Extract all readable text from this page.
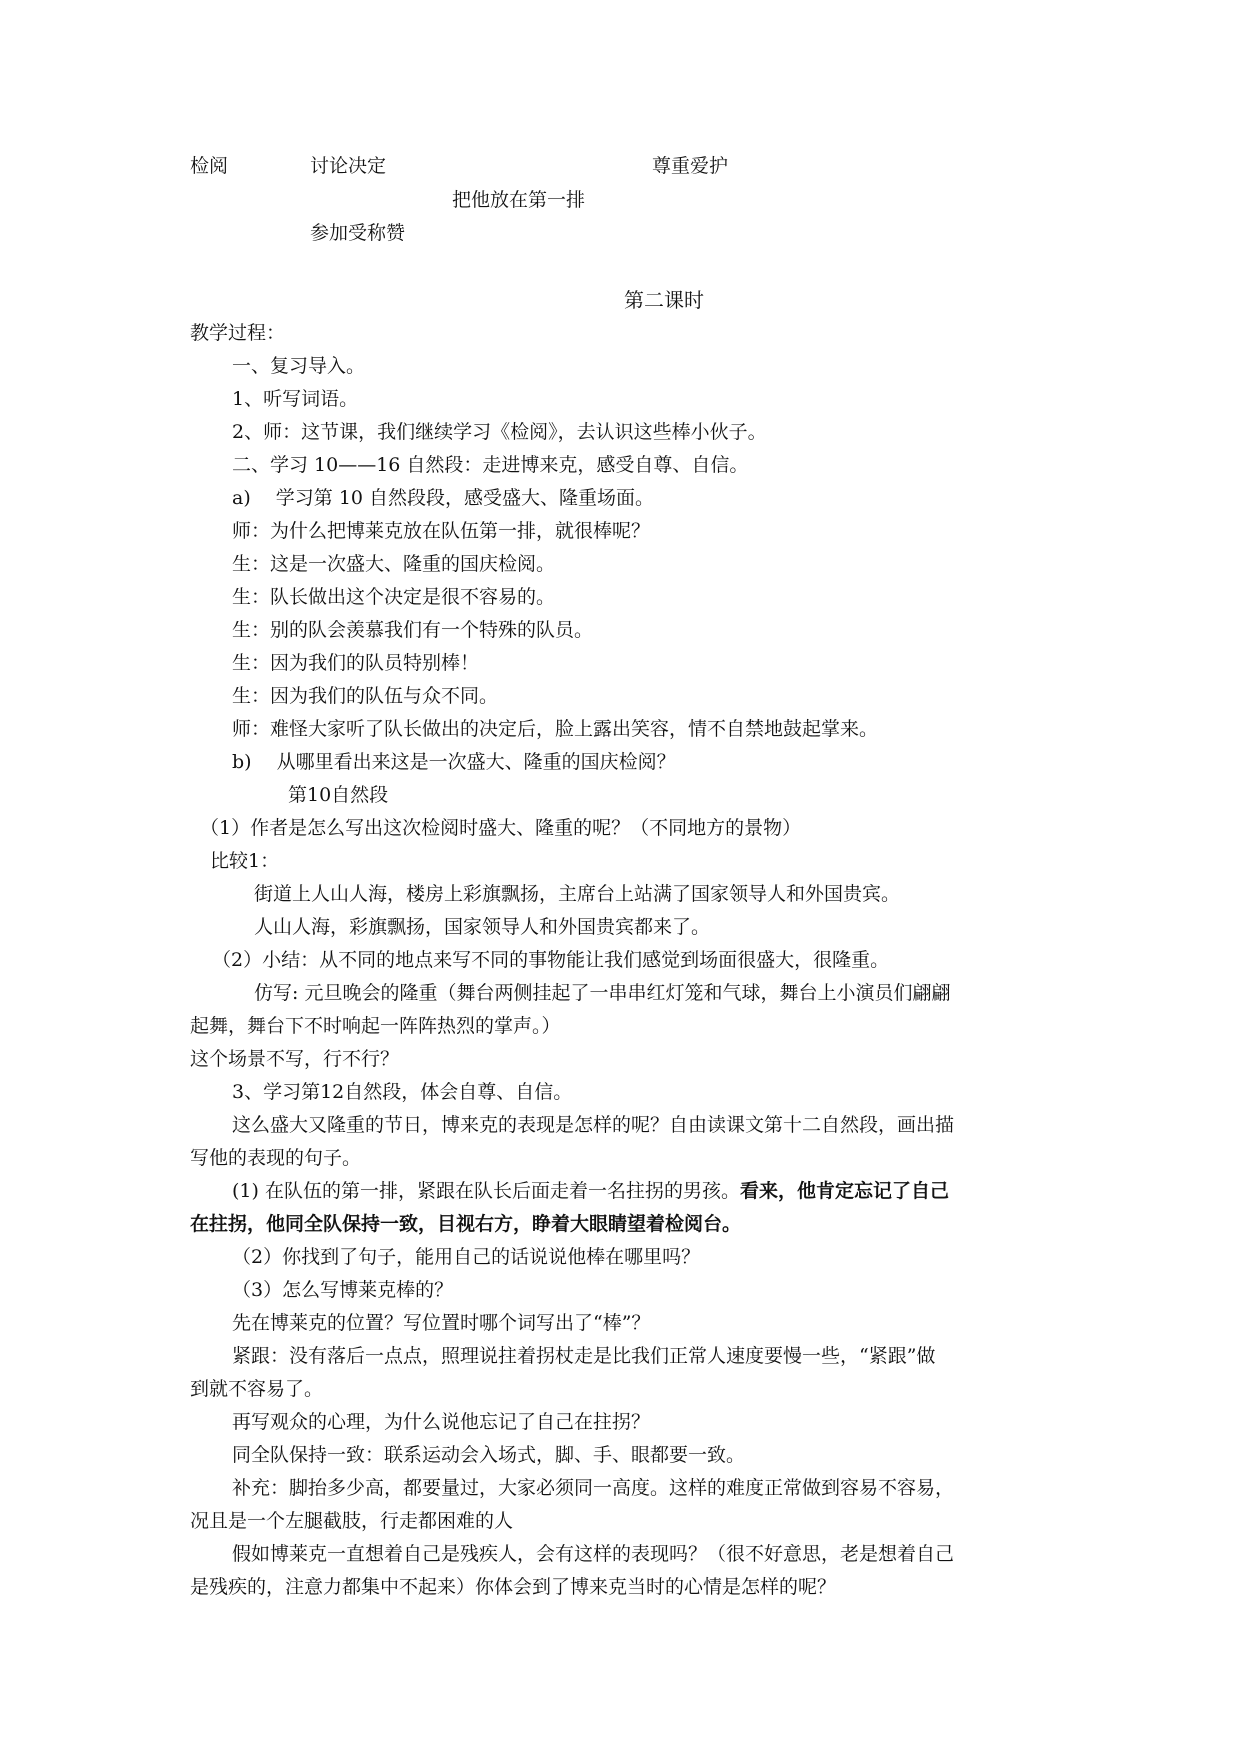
检阅	讨论决定	尊重爱护
把他放在第一排
参加受称赞
第二课时
教学过程：
一、复习导入。
1、听写词语。
2、师：这节课，我们继续学习《检阅》，去认识这些棒小伙子。
二、学习 10——16 自然段：走进博来克，感受自尊、自信。
a)　 学习第 10 自然段段，感受盛大、隆重场面。
师：为什么把博莱克放在队伍第一排，就很棒呢？
生：这是一次盛大、隆重的国庆检阅。
生：队长做出这个决定是很不容易的。
生：别的队会羡慕我们有一个特殊的队员。
生：因为我们的队员特别棒！
生：因为我们的队伍与众不同。
师：难怪大家听了队长做出的决定后，脸上露出笑容，情不自禁地鼓起掌来。
b)　 从哪里看出来这是一次盛大、隆重的国庆检阅？
第10自然段
（1）作者是怎么写出这次检阅时盛大、隆重的呢？（不同地方的景物）
比较1：
街道上人山人海，楼房上彩旗飘扬，主席台上站满了国家领导人和外国贵宾。
人山人海，彩旗飘扬，国家领导人和外国贵宾都来了。
（2）小结：从不同的地点来写不同的事物能让我们感觉到场面很盛大，很隆重。
仿写: 元旦晚会的隆重（舞台两侧挂起了一串串红灯笼和气球，舞台上小演员们翩翩
起舞，舞台下不时响起一阵阵热烈的掌声。）
这个场景不写，行不行？
3、学习第12自然段，体会自尊、自信。
这么盛大又隆重的节日，博来克的表现是怎样的呢？自由读课文第十二自然段，画出描
写他的表现的句子。
(1) 在队伍的第一排，紧跟在队长后面走着一名拄拐的男孩。看来，他肯定忘记了自己
在拄拐，他同全队保持一致，目视右方，睁着大眼睛望着检阅台。
（2）你找到了句子，能用自己的话说说他棒在哪里吗？
（3）怎么写博莱克棒的？
先在博莱克的位置？写位置时哪个词写出了“棒”？
紧跟：没有落后一点点，照理说拄着拐杖走是比我们正常人速度要慢一些，“紧跟”做
到就不容易了。
再写观众的心理，为什么说他忘记了自己在拄拐？
同全队保持一致：联系运动会入场式，脚、手、眼都要一致。
补充：脚抬多少高，都要量过，大家必须同一高度。这样的难度正常做到容易不容易，
况且是一个左腿截肢，行走都困难的人
假如博莱克一直想着自己是残疾人，会有这样的表现吗？（很不好意思，老是想着自己
是残疾的，注意力都集中不起来）你体会到了博来克当时的心情是怎样的呢？
